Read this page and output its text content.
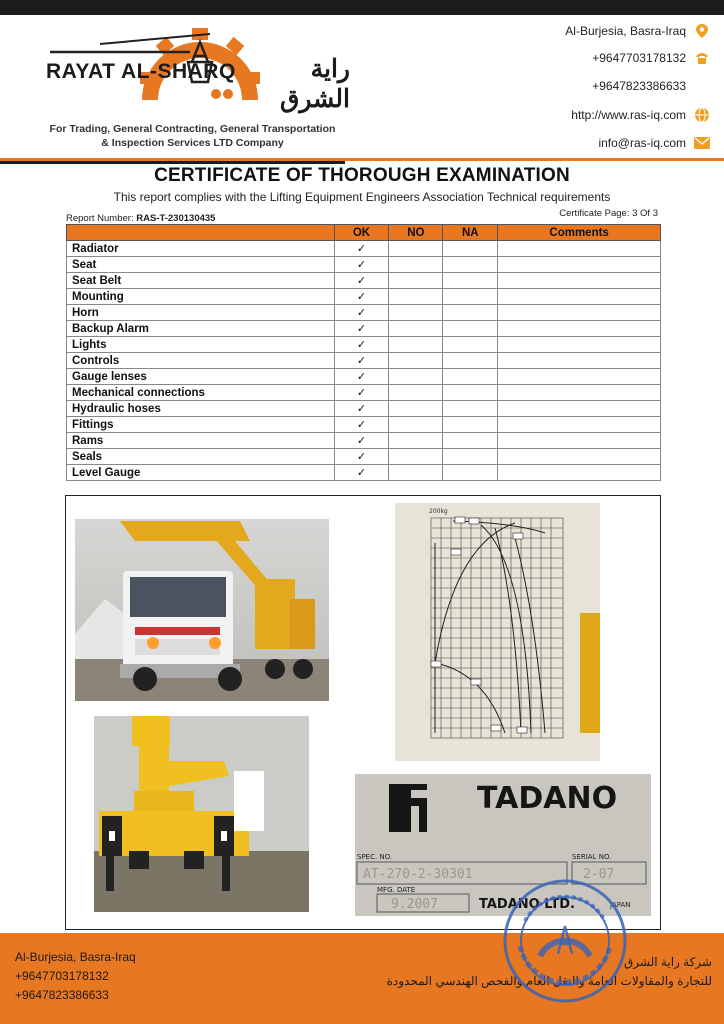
RAYAT AL-SHARQ	راية الشرق
For Trading, General Contracting, General Transportation
& Inspection Services LTD Company
Al-Burjesia, Basra-Iraq
+9647703178132
+9647823386633
http://www.ras-iq.com
info@ras-iq.com
CERTIFICATE OF THOROUGH EXAMINATION
This report complies with the Lifting Equipment Engineers Association Technical requirements
Report Number: RAS-T-230130435	Certificate Page: 3 Of 3
	OK	NO	NA	Comments
Radiator	✓			
Seat	✓			
Seat Belt	✓			
Mounting	✓			
Horn	✓			
Backup Alarm	✓			
Lights	✓			
Controls	✓			
Gauge lenses	✓			
Mechanical connections	✓			
Hydraulic hoses	✓			
Fittings	✓			
Rams	✓			
Seals	✓			
Level Gauge	✓			
200kg
TADANO
SPEC. NO.	SERIAL NO.
AT-270-2-30301	2-07
MFG. DATE
9.2007	TADANO LTD.	JAPAN
Al-Burjesia, Basra-Iraq
+9647703178132
+9647823386633
شركة راية الشرق
للتجارة والمقاولات العامة والنقل العام والفحص الهندسي المحدودة
